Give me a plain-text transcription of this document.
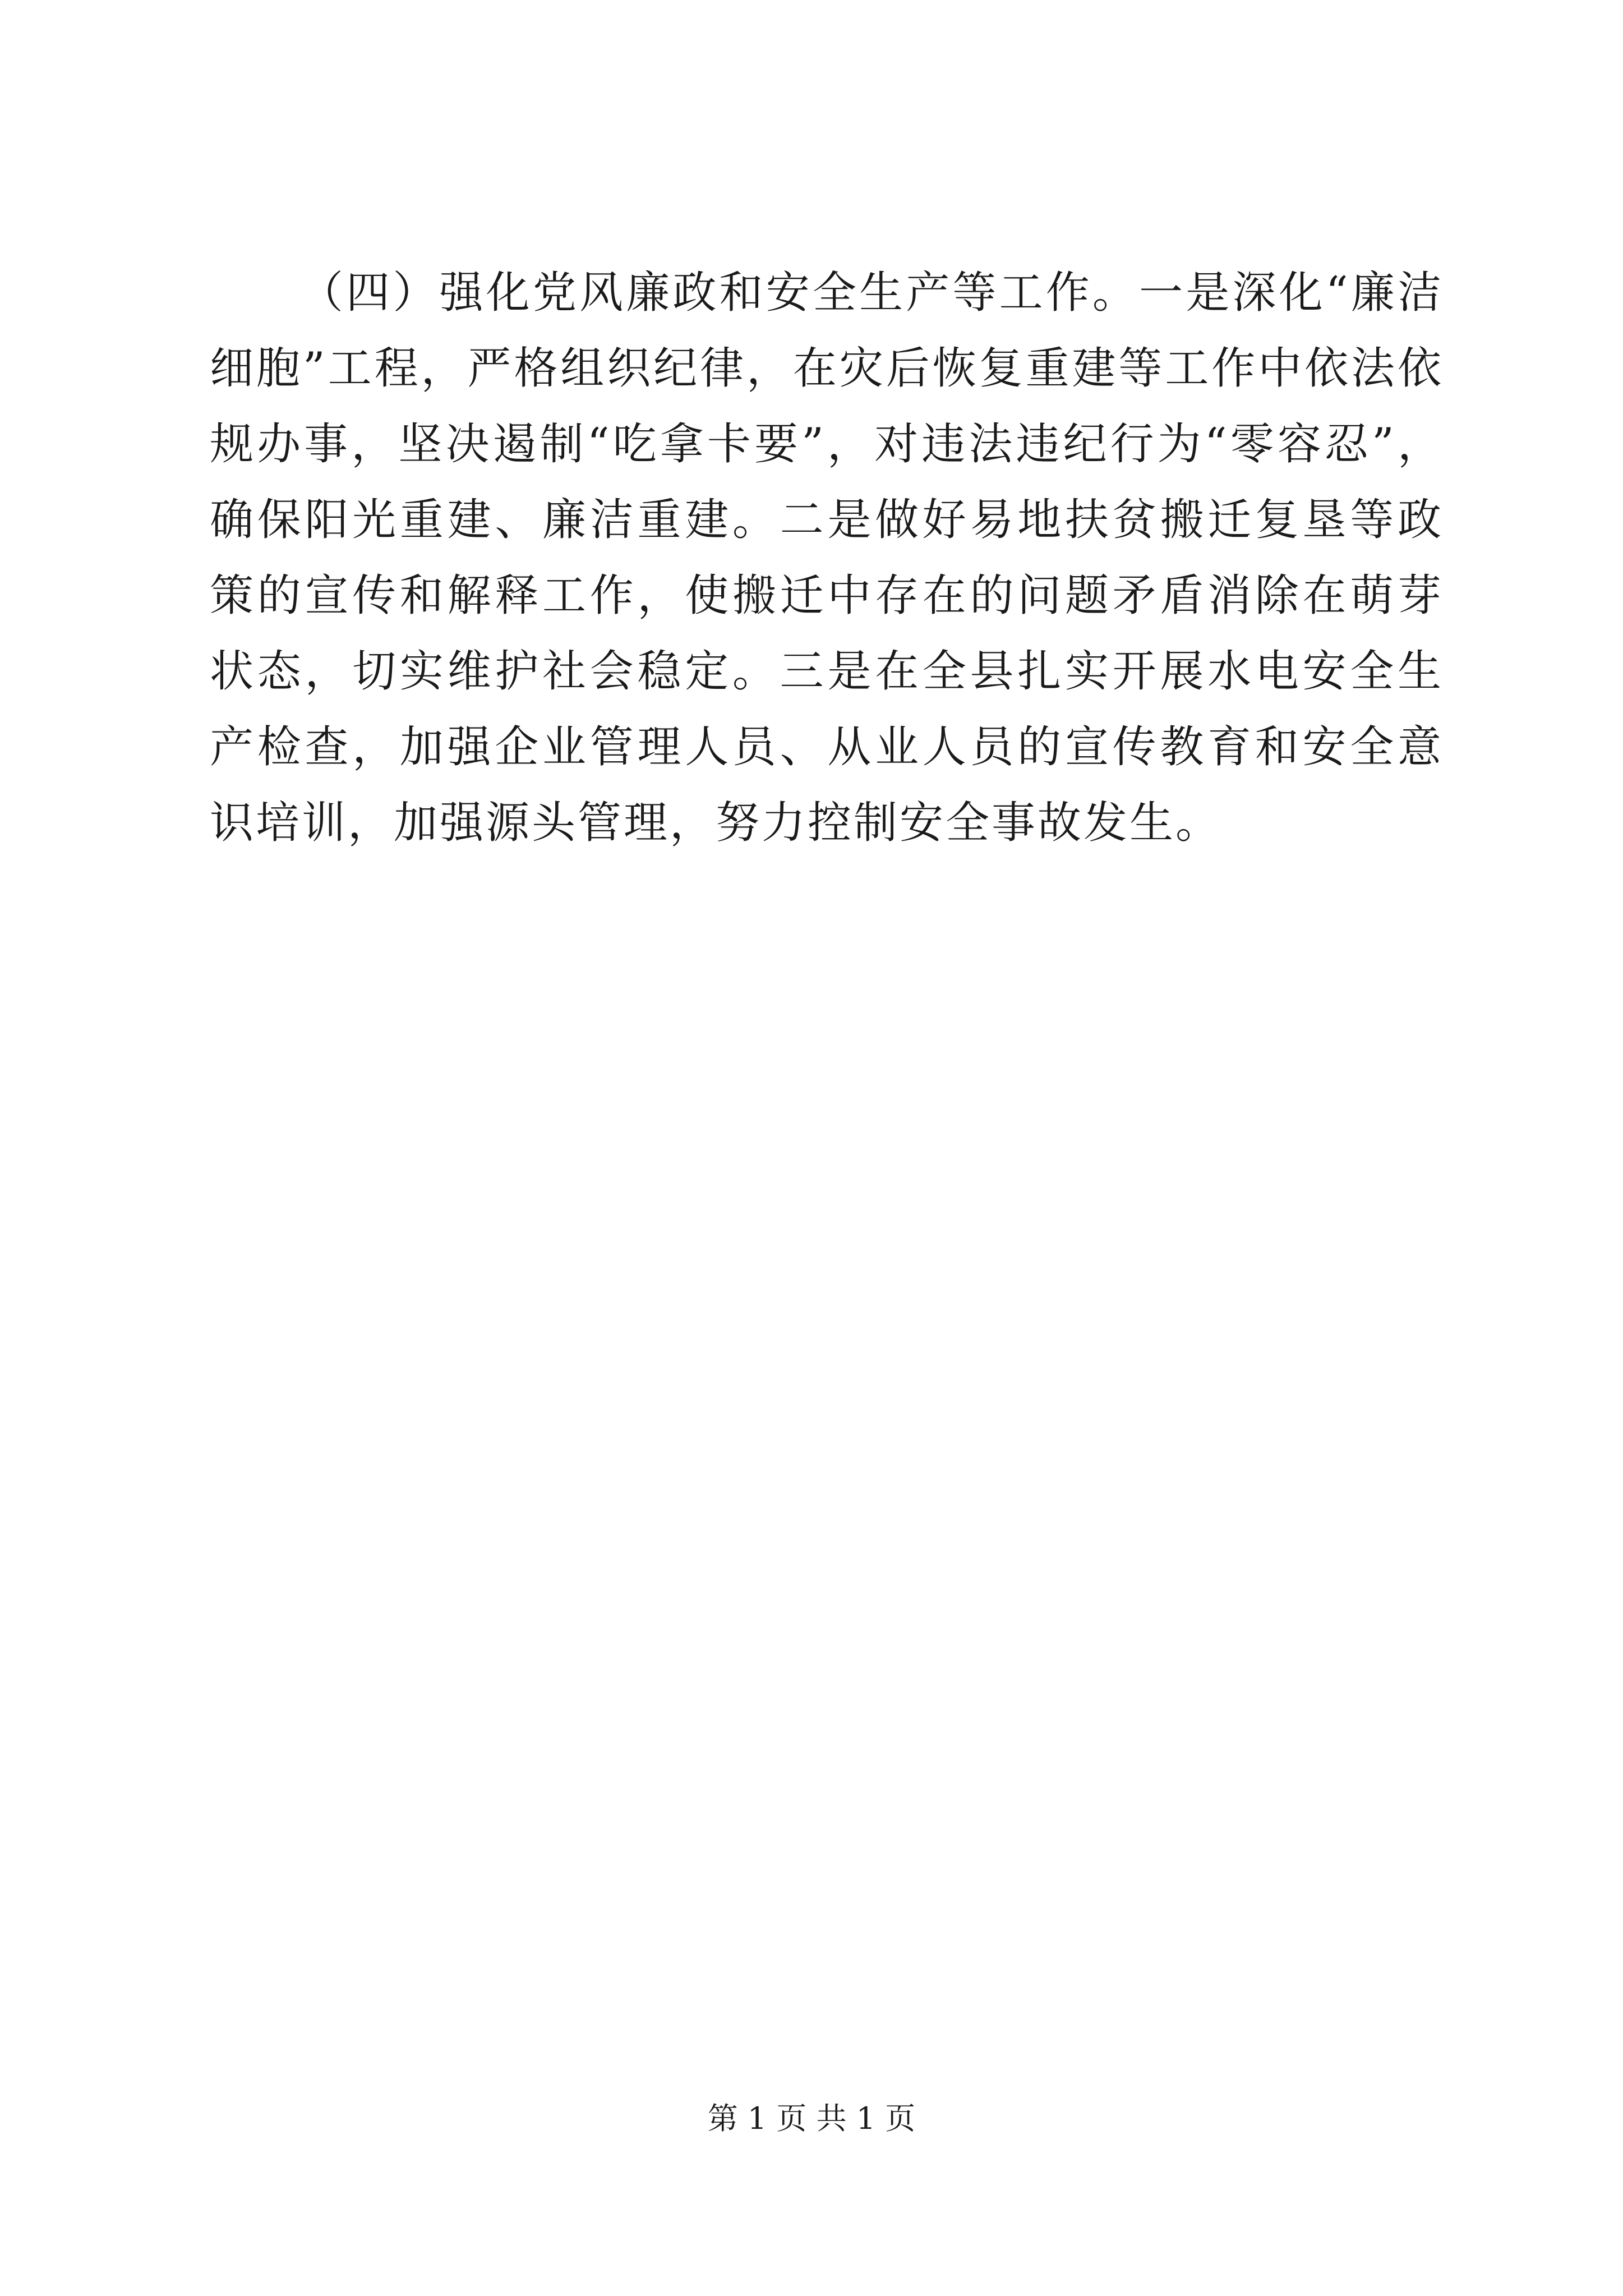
（四）强化党风廉政和安全生产等工作。一是深化“廉洁细胞”工程，严格组织纪律，在灾后恢复重建等工作中依法依规办事，坚决遏制“吃拿卡要”，对违法违纪行为“零容忍”，确保阳光重建、廉洁重建。二是做好易地扶贫搬迁复垦等政策的宣传和解释工作，使搬迁中存在的问题矛盾消除在萌芽状态，切实维护社会稳定。三是在全县扎实开展水电安全生产检查，加强企业管理人员、从业人员的宣传教育和安全意识培训，加强源头管理，努力控制安全事故发生。

第 1 页 共 1 页
